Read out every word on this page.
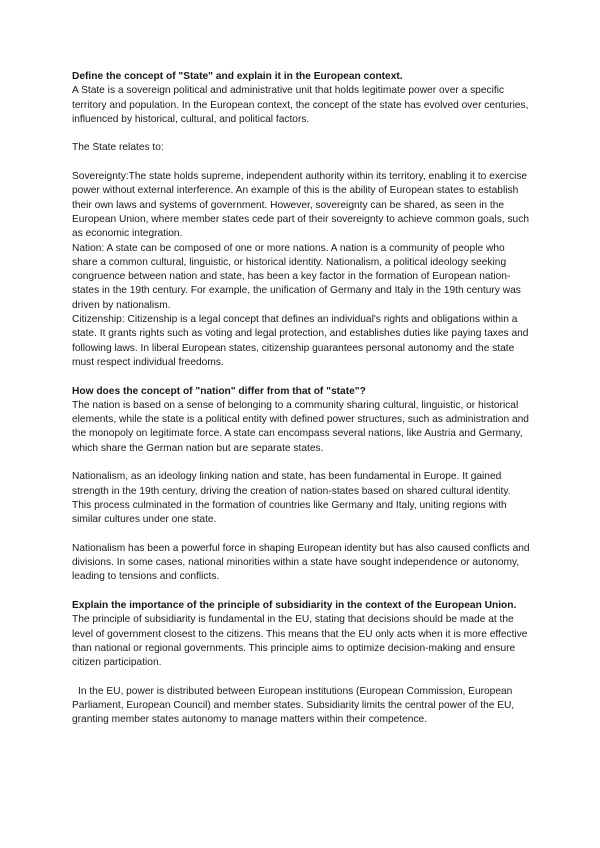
Define the concept of "State" and explain it in the European context.

A State is a sovereign political and administrative unit that holds legitimate power over a specific territory and population. In the European context, the concept of the state has evolved over centuries, influenced by historical, cultural, and political factors.

The State relates to:

Sovereignty:The state holds supreme, independent authority within its territory, enabling it to exercise power without external interference. An example of this is the ability of European states to establish their own laws and systems of government. However, sovereignty can be shared, as seen in the European Union, where member states cede part of their sovereignty to achieve common goals, such as economic integration.

Nation: A state can be composed of one or more nations. A nation is a community of people who share a common cultural, linguistic, or historical identity. Nationalism, a political ideology seeking congruence between nation and state, has been a key factor in the formation of European nation-states in the 19th century. For example, the unification of Germany and Italy in the 19th century was driven by nationalism.

Citizenship: Citizenship is a legal concept that defines an individual's rights and obligations within a state. It grants rights such as voting and legal protection, and establishes duties like paying taxes and following laws. In liberal European states, citizenship guarantees personal autonomy and the state must respect individual freedoms.

How does the concept of "nation" differ from that of "state"?

The nation is based on a sense of belonging to a community sharing cultural, linguistic, or historical elements, while the state is a political entity with defined power structures, such as administration and the monopoly on legitimate force. A state can encompass several nations, like Austria and Germany, which share the German nation but are separate states.

Nationalism, as an ideology linking nation and state, has been fundamental in Europe. It gained strength in the 19th century, driving the creation of nation-states based on shared cultural identity. This process culminated in the formation of countries like Germany and Italy, uniting regions with similar cultures under one state.

Nationalism has been a powerful force in shaping European identity but has also caused conflicts and divisions. In some cases, national minorities within a state have sought independence or autonomy, leading to tensions and conflicts.

Explain the importance of the principle of subsidiarity in the context of the European Union.

The principle of subsidiarity is fundamental in the EU, stating that decisions should be made at the level of government closest to the citizens. This means that the EU only acts when it is more effective than national or regional governments. This principle aims to optimize decision-making and ensure citizen participation.

In the EU, power is distributed between European institutions (European Commission, European Parliament, European Council) and member states. Subsidiarity limits the central power of the EU, granting member states autonomy to manage matters within their competence.
